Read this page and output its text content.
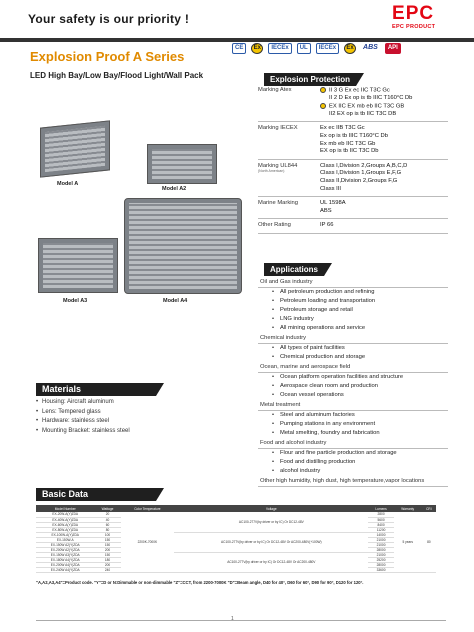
Your safety is our priority !	E P C
EPC PRODUCT
CE	Ex	IECEx	UL	IECEx	Ex	ABS	API
Explosion Proof A Series
LED High Bay/Low Bay/Flood Light/Wall Pack
Model A
Model A2
Model A3	Model A4
Explosion Protection
Marking Atex	II 3 G Ex ec IIC T3C Gc
II 2 D Ex op is tb IIIC T160°C Db
EX IIC EX mb eb IIC T3C GB
II2 EX op is tb IIC T3C DB
Marking IECEX	Ex ec IIB T3C Gc
Ex op is tb IIIC T160°C Db
Ex mb eb IIC T3C Gb
EX op is tb IIC T3C Db
Marking UL844
(North American)
Class I,Division 2,Groups A,B,C,D
Class I,Division 1,Groups E,F,G
Class II,Division 2,Groups F,G
Class III
Marine Marking	UL 1598A
ABS
Other Rating	IP 66
Applications
Oil and Gas industry
• All petroleum production and refining
• Petroleum loading and transportation
• Petroleum storage and retail
• LNG industry
• All mining operations and service
Chemical industry
• All types of paint facilities
• Chemical production and storage
Ocean, marine and aerospace field
• Ocean platform operation facilities and structure
• Aerospace clean room and production
• Ocean vessel operations
Metal treatment
• Steel and aluminum factories
• Pumping stations in any environment
• Metal smelting, foundry and fabrication
Food and alcohol industry
• Flour and fine particle production and storage
• Food and distilling production
• alcohol industry
Other high humidity, high dust, high temperature,vapor locations
Materials
• Housing: Aircraft aluminum
• Lens: Tempered glass
• Hardware: stainless steel
• Mounting Bracket: stainless steel
Basic Data
Model Number	Wattage	Color Temperature	Voltage	Lumens	Warranty	CRI
EX-20W-A(Y)ZDA	20	2200K-7000K	AC100-277V(by driver or by IC) Or DC12-48V	2800	5 years	80
EX-40W-A(Y)ZDA	40			5600		
EX-60W-A(Y)ZDA	60			8400		
EX-80W-A(Y)ZDA	80			11200		
EX-100W-A(Y)ZDA	100		AC100-277V(by driver or by IC) Or DC12-48V Or AC200-480V(+100W)	14000		
EX-150W-A	150			21000		
EX-150W A2(Y)ZDA	150			21000		
EX-200W A2(Y)ZDA	200			28000		
EX-150W A3(Y)ZDA	150		AC100-277V(by driver or by IC) Or DC12-48V Or AC200-480V	21000		
EX-180W A4(Y)ZDA	180			25200		
EX-200W A4(Y)ZDA	200			28000		
EX-240W A4(Y)ZDA	240			33600		
"A,A2,A3,A4"=Product code. "Y"=D or N:Dimmable or non-dimmable "Z"=CCT, from 2200-7000K "D"=Beam angle, D40 for 40°, D60 for 60°, D90 for 90°, D120 for 120°.
1
